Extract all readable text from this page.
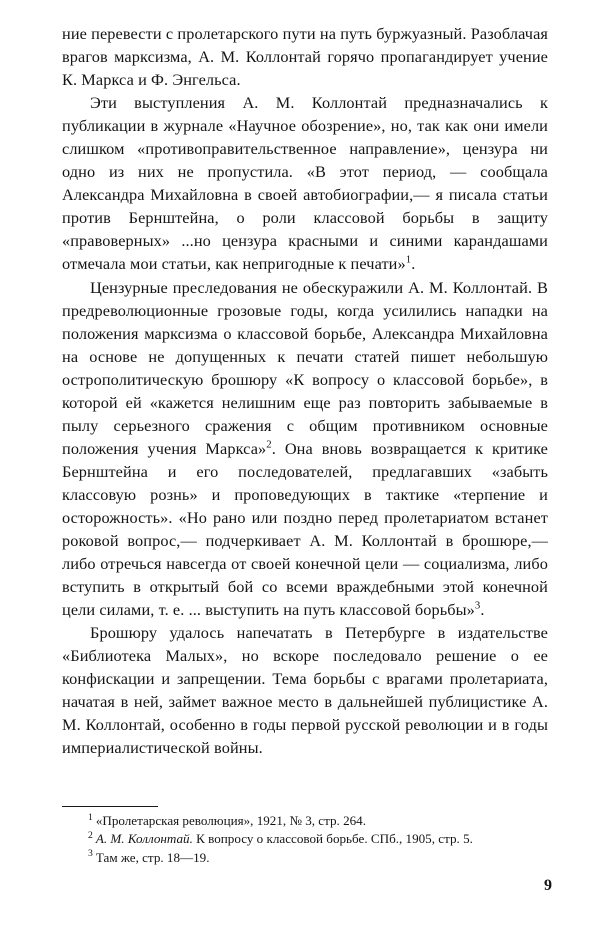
ние перевести с пролетарского пути на путь буржуазный. Разоблачая врагов марксизма, А. М. Коллонтай горячо пропагандирует учение К. Маркса и Ф. Энгельса.

Эти выступления А. М. Коллонтай предназначались к публикации в журнале «Научное обозрение», но, так как они имели слишком «противоправительственное направление», цензура ни одно из них не пропустила. «В этот период, — сообщала Александра Михайловна в своей автобиографии,— я писала статьи против Бернштейна, о роли классовой борьбы в защиту «правоверных» ...но цензура красными и синими карандашами отмечала мои статьи, как непригодные к печати»$^1$.

Цензурные преследования не обескуражили А. М. Коллонтай. В предреволюционные грозовые годы, когда усилились нападки на положения марксизма о классовой борьбе, Александра Михайловна на основе не допущенных к печати статей пишет небольшую острополитическую брошюру «К вопросу о классовой борьбе», в которой ей «кажется нелишним еще раз повторить забываемые в пылу серьезного сражения с общим противником основные положения учения Маркса»$^2$. Она вновь возвращается к критике Бернштейна и его последователей, предлагавших «забыть классовую рознь» и проповедующих в тактике «терпение и осторожность». «Но рано или поздно перед пролетариатом встанет роковой вопрос,— подчеркивает А. М. Коллонтай в брошюре,— либо отречься навсегда от своей конечной цели — социализма, либо вступить в открытый бой со всеми враждебными этой конечной цели силами, т. е. ... выступить на путь классовой борьбы»$^3$.

Брошюру удалось напечатать в Петербурге в издательстве «Библиотека Малых», но вскоре последовало решение о ее конфискации и запрещении. Тема борьбы с врагами пролетариата, начатая в ней, займет важное место в дальнейшей публицистике А. М. Коллонтай, особенно в годы первой русской революции и в годы империалистической войны.

$^1$ «Пролетарская революция», 1921, № 3, стр. 264.

$^2$ А. М. Коллонтай. К вопросу о классовой борьбе. СПб., 1905, стр. 5.

$^3$ Там же, стр. 18—19.

9
